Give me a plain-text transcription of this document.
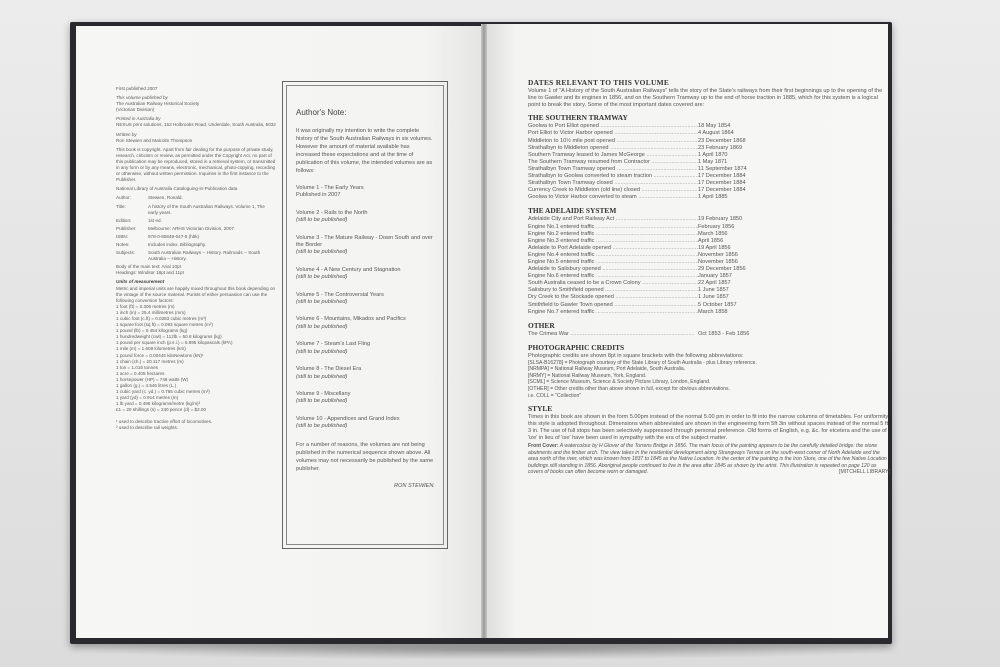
First published 2007

This volume published by
The Australian Railway Historical Society
(Victorian Division)

Printed in Australia by
NEXUS print solutions, 153 Holbrooks Road, Underdale, South Australia, 5032

Written by
Ron Stewien and Malcolm Thompson

This book is copyright. Apart from fair dealing for the purpose of private study, research, criticism or review, as permitted under the Copyright Act, no part of this publication may be reproduced, stored in a retrieval system, or transmitted in any form or by any means, electronic, mechanical, photo-copying, recording or otherwise, without written permission. Inquiries in the first instance to the Publisher.

National Library of Australia Cataloguing-in-Publication data

Author:	Stewien, Ronald.
Title:	A history of the South Australian Railways. Volume 1, The early years.
Edition:	1st ed.
Publisher:	Melbourne: ARHS Victorian Division, 2007.
ISBN:	978-0-85849-047-5 (hbk)
Notes:	Includes index. Bibliography.
Subjects:	South Australian Railways -- History. Railroads -- South Australia -- History.

Body of the main text: Arial 10pt
Headings: Windsor 18pt and 11pt

Units of measurement

Metric and imperial units are happily mixed throughout this book depending on the vintage of the source material. Purists of either persuasion can use the following conversion factors:

1 foot (ft) = 0.305 metres (m)
1 inch (in) = 25.4 millimetres (mm)
1 cubic foot (c.ft) = 0.0283 cubic metres (m³)
1 square foot (sq ft) = 0.093 square metres (m²)
1 pound (lb) = 0.454 kilograms (kg)
1 hundredweight (cwt) = 112lb = 50.8 kilograms (kg)
1 pound per square inch (p.s.i.) = 6.895 kilopascals (kPA)
1 mile (m) = 1.609 kilometres (km)
1 pound force = 0.00445 kiloNewtons (kN)¹
1 chain (ch.) = 20.117 metres (m)
1 ton = 1.016 tonnes
1 acre = 0.405 hectares
1 horsepower (HP) = 746 watts (W)
1 gallon (g.) = 4.546 litres (L.)
1 cubic yard (c. yd.) = 0.765 cubic metres (m³)
1 yard (yd) = 0.914 metres (m)
1 lb yard = 0.496 kilograms/metre (kg/m)²
£1 = 20 shillings (s) = 240 pence (d) = $2.00

¹ used to describe tractive effort of locomotives.

² used to describe rail weights.

Author's Note:
It was originally my intention to write the complete history of the South Australian Railways in six volumes. However the amount of material available has increased these expectations and at the time of publication of this volume, the intended volumes are as follows:
Volume 1 - The Early Years
Published in 2007
Volume 2 - Rails to the North
(still to be published)
Volume 3 - The Mature Railway - Down South and over the Border
(still to be published)
Volume 4 - A New Century and Stagnation
(still to be published)
Volume 5 - The Controversial Years
(still to be published)
Volume 6 - Mountains, Mikados and Pacifics
(still to be published)
Volume 7 - Steam's Last Fling
(still to be published)
Volume 8 - The Diesel Era
(still to be published)
Volume 9 - Miscellany
(still to be published)
Volume 10 - Appendices and Grand Index
(still to be published)
For a number of reasons, the volumes are not being published in the numerical sequence shown above. All volumes may not necessarily be published by the same publisher.
RON STEWIEN.
DATES RELEVANT TO THIS VOLUME

Volume 1 of "A History of the South Australian Railways" tells the story of the State's railways from their first beginnings up to the opening of the line to Gawler and its engines in 1856, and on the Southern Tramway up to the end of horse traction in 1885, which for this system is a logical point to break the story. Some of the most important dates covered are:

THE SOUTHERN TRAMWAY
Goolwa to Port Elliot opened .....	18 May 1854
Port Elliot to Victor Harbor opened .....	4 August 1864
Middleton to 10½ mile post opened .....	23 December 1868
Strathalbyn to Middleton opened .....	23 February 1869
Southern Tramway leased to James McGeorge .....	1 April 1870
The Southern Tramway resumed from Contractor .....	1 May 1871
Strathalbyn Town Tramway opened .....	11 September 1874
Strathalbyn to Goolwa converted to steam traction .....	17 December 1884
Strathalbyn Town Tramway closed .....	17 December 1884
Currency Creek to Middleton (old line) closed .....	17 December 1884
Goolwa to Victor Harbor converted to steam .....	1 April 1885
THE ADELAIDE SYSTEM
Adelaide City and Port Railway Act .....	19 February 1850
Engine No.1 entered traffic .....	February 1856
Engine No.2 entered traffic .....	March 1856
Engine No.3 entered traffic .....	April 1856
Adelaide to Port Adelaide opened .....	19 April 1856
Engine No.4 entered traffic .....	November 1856
Engine No.5 entered traffic .....	November 1856
Adelaide to Salisbury opened .....	29 December 1856
Engine No.6 entered traffic .....	January 1857
South Australia ceased to be a Crown Colony .....	22 April 1857
Salisbury to Smithfield opened .....	1 June 1857
Dry Creek to the Stockade opened .....	1 June 1857
Smithfield to Gawler Town opened .....	5 October 1857
Engine No.7 entered traffic .....	March 1858
OTHER
The Crimea War .....	Oct 1853 - Feb 1856
PHOTOGRAPHIC CREDITS

Photographic credits are shown 8pt in square brackets with the following abbreviations:

[SLSA-B16278] = Photograph courtesy of the State Library of South Australia - plus Library reference.
[NRMPA] = National Railway Museum, Port Adelaide, South Australia.
[NRMY] = National Railway Museum, York, England.
[SCML] = Science Museum, Science & Society Picture Library, London, England.
[OTHER] = Other credits other than above shown in full, except for obvious abbreviations.
i.e. COLL = "Collection"
STYLE

Times in this book are shown in the form 5.00pm instead of the normal 5.00 pm in order to fit into the narrow columns of timetables. For uniformity this style is adopted throughout. Dimensions when abbreviated are shown in the engineering form 5ft 3in without spaces instead of the normal 5 ft 3 in. The use of full stops has been selectively suppressed through personal preference. Old forms of English, e.g. &c. for etcetera and the use of 'ize' in lieu of 'ise' have been used in sympathy with the era of the subject matter.

Front Cover: A watercolour by H Glover of the Torrens Bridge in 1856. The main focus of the painting appears to be the carefully detailed bridge: the stone abutments and the timber arch. The view takes in the residential development along Strangways Terrace on the south-west corner of North Adelaide and the area north of the river, which was known from 1837 to 1845 as the Native Location. In the center of the painting is the Iron Store, one of the few Native Location buildings still standing in 1856. Aboriginal people continued to live in the area after 1845 as shown by the artist. This illustration is repeated on page 120 as covers of books can often become worn or damaged.	[MITCHELL LIBRARY]
